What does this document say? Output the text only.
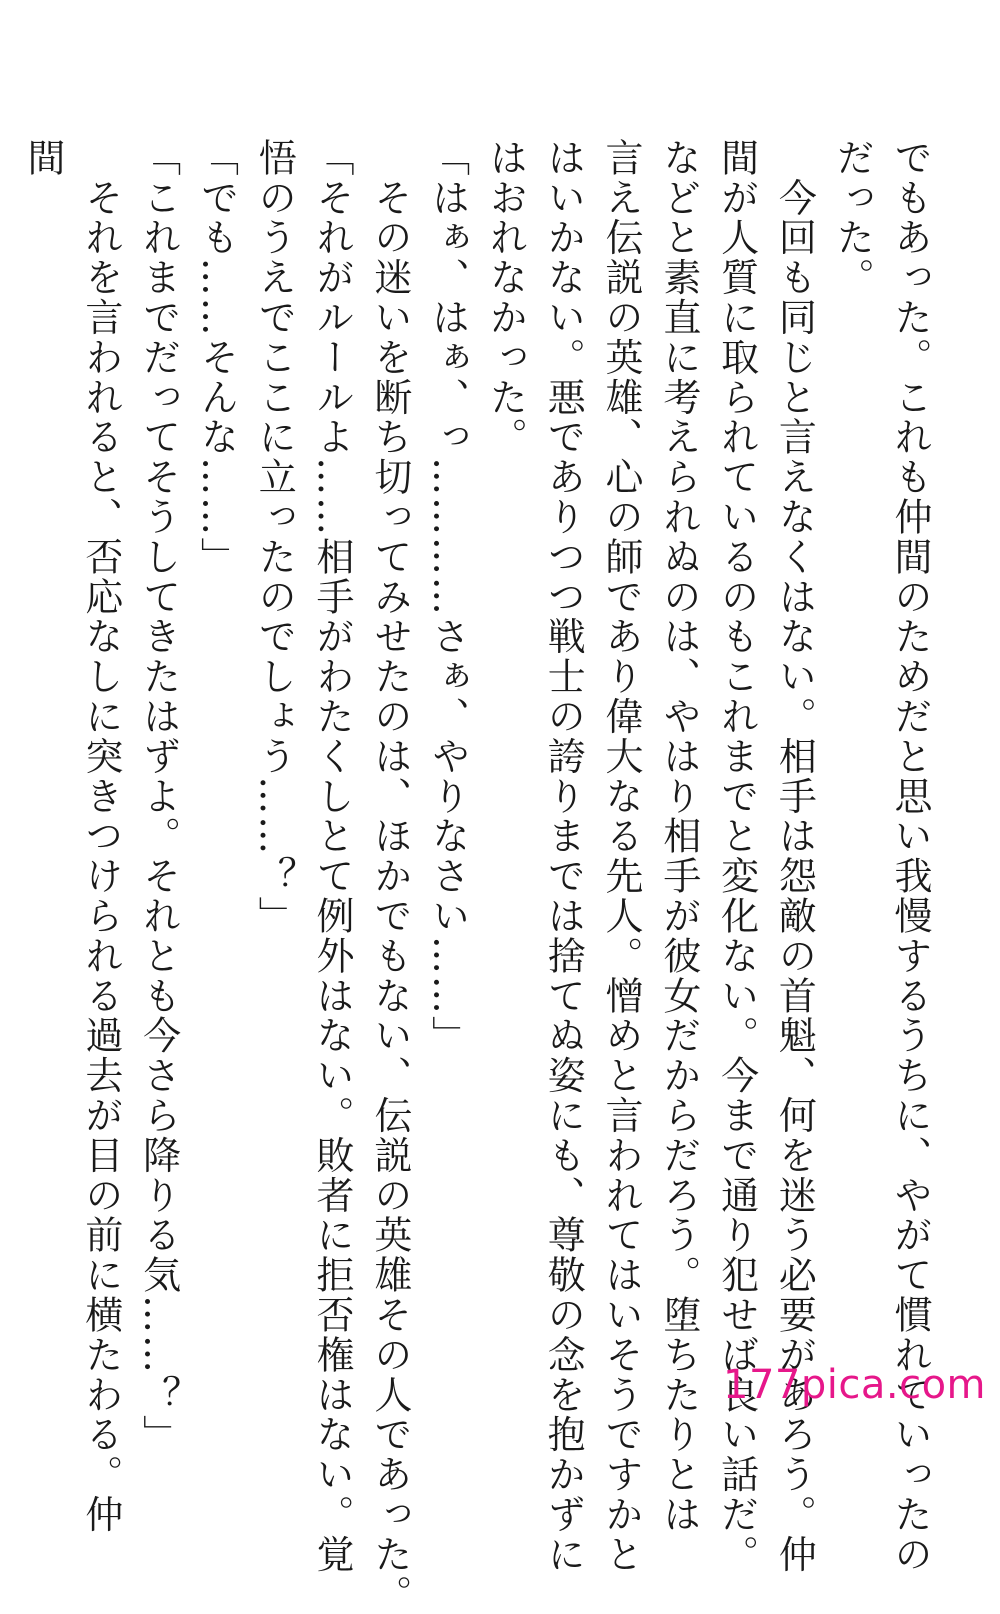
でもあった。これも仲間のためだと思い我慢するうちに、やがて慣れていったの

だった。

　今回も同じと言えなくはない。相手は怨敵の首魁、何を迷う必要があろう。仲

間が人質に取られているのもこれまでと変化ない。今まで通り犯せば良い話だ。

などと素直に考えられぬのは、やはり相手が彼女だからだろう。堕ちたりとは

言え伝説の英雄、心の師であり偉大なる先人。憎めと言われてはいそうですかと

はいかない。悪でありつつ戦士の誇りまでは捨てぬ姿にも、尊敬の念を抱かずに

はおれなかった。

「はぁ、はぁ、っ…………さぁ、やりなさい……」

　その迷いを断ち切ってみせたのは、ほかでもない、伝説の英雄その人であった。

「それがルールよ……相手がわたくしとて例外はない。敗者に拒否権はない。覚

悟のうえでここに立ったのでしょう……？」

「でも……そんな……」

「これまでだってそうしてきたはずよ。それとも今さら降りる気……？」

　それを言われると、否応なしに突きつけられる過去が目の前に横たわる。仲

間

177pica.com
